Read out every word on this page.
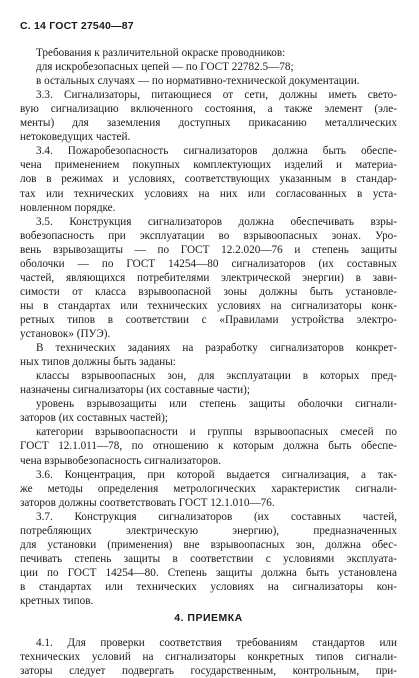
С. 14 ГОСТ 27540—87
Требования к различительной окраске проводников:
для искробезопасных цепей — по ГОСТ 22782.5—78;
в остальных случаях — по нормативно-технической документации.
3.3. Сигнализаторы, питающиеся от сети, должны иметь свето-
вую сигнализацию включенного состояния, а также элемент (эле-
менты) для заземления доступных прикасанию металлических
нетоковедущих частей.
3.4. Пожаробезопасность сигнализаторов должна быть обеспе-
чена применением покупных комплектующих изделий и материа-
лов в режимах и условиях, соответствующих указанным в стандар-
тах или технических условиях на них или согласованных в уста-
новленном порядке.
3.5. Конструкция сигнализаторов должна обеспечивать взры-
вобезопасность при эксплуатации во взрывоопасных зонах. Уро-
вень взрывозащиты — по ГОСТ 12.2.020—76 и степень защиты
оболочки — по ГОСТ 14254—80 сигнализаторов (их составных
частей, являющихся потребителями электрической энергии) в зави-
симости от класса взрывоопасной зоны должны быть установле-
ны в стандартах или технических условиях на сигнализаторы конк-
ретных типов в соответствии с «Правилами устройства электро-
установок» (ПУЭ).
В технических заданиях на разработку сигнализаторов конкрет-
ных типов должны быть заданы:
классы взрывоопасных зон, для эксплуатации в которых пред-
назначены сигнализаторы (их составные части);
уровень взрывозащиты или степень защиты оболочки сигнали-
заторов (их составных частей);
категории взрывоопасности и группы взрывоопасных смесей по
ГОСТ 12.1.011—78, по отношению к которым должна быть обеспе-
чена взрывобезопасность сигнализаторов.
3.6. Концентрация, при которой выдается сигнализация, а так-
же методы определения метрологических характеристик сигнали-
заторов должны соответствовать ГОСТ 12.1.010—76.
3.7. Конструкция сигнализаторов (их составных частей,
потребляющих электрическую энергию), предназначенных
для установки (применения) вне взрывоопасных зон, должна обес-
печивать степень защиты в соответствии с условиями эксплуата-
ции по ГОСТ 14254—80. Степень защиты должна быть установлена
в стандартах или технических условиях на сигнализаторы кон-
кретных типов.
4.1. Для проверки соответствия требованиям стандартов или
технических условий на сигнализаторы конкретных типов сигнали-
заторы следует подвергать государственным, контрольным, при-
4. ПРИЕМКА
